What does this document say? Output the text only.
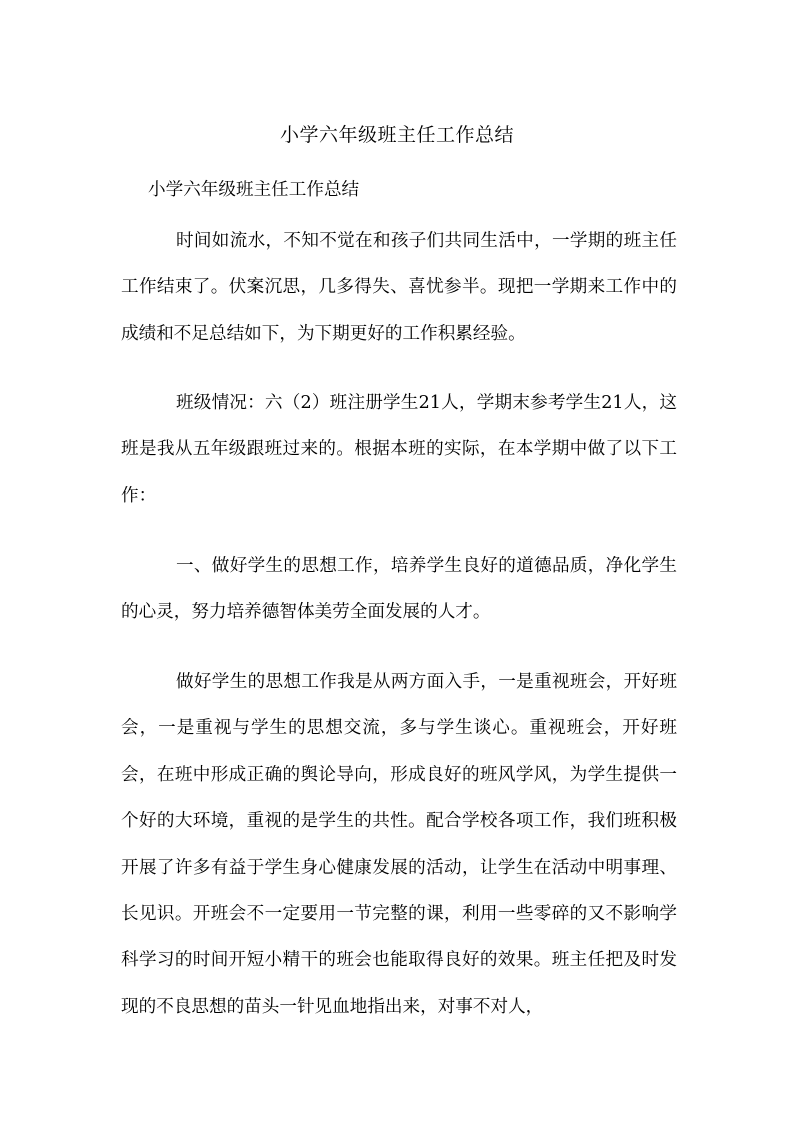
小学六年级班主任工作总结

小学六年级班主任工作总结

时间如流水，不知不觉在和孩子们共同生活中，一学期的班主任工作结束了。伏案沉思，几多得失、喜忧参半。现把一学期来工作中的成绩和不足总结如下，为下期更好的工作积累经验。

班级情况：六（2）班注册学生21人，学期末参考学生21人，这班是我从五年级跟班过来的。根据本班的实际，在本学期中做了以下工作：

一、做好学生的思想工作，培养学生良好的道德品质，净化学生的心灵，努力培养德智体美劳全面发展的人才。

做好学生的思想工作我是从两方面入手，一是重视班会，开好班会，一是重视与学生的思想交流，多与学生谈心。重视班会，开好班会，在班中形成正确的舆论导向，形成良好的班风学风，为学生提供一个好的大环境，重视的是学生的共性。配合学校各项工作，我们班积极开展了许多有益于学生身心健康发展的活动，让学生在活动中明事理、长见识。开班会不一定要用一节完整的课，利用一些零碎的又不影响学科学习的时间开短小精干的班会也能取得良好的效果。班主任把及时发现的不良思想的苗头一针见血地指出来，对事不对人，
